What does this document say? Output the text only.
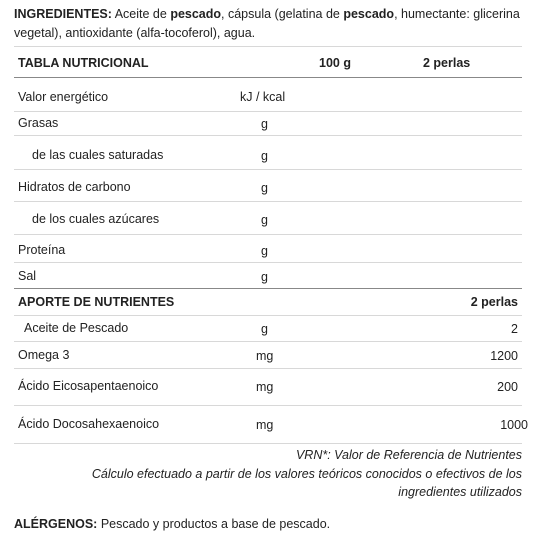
INGREDIENTES: Aceite de pescado, cápsula (gelatina de pescado, humectante: glicerina vegetal), antioxidante (alfa-tocoferol), agua.
TABLA NUTRICIONAL	100 g	2 perlas
Valor energético	kJ / kcal
Grasas	g
de las cuales saturadas	g
Hidratos de carbono	g
de los cuales azúcares	g
Proteína	g
Sal	g
APORTE DE NUTRIENTES	2 perlas
Aceite de Pescado	g	2
Omega 3	mg	1200
Ácido Eicosapentaenoico	mg	200
Ácido Docosahexaenoico	mg	1000
VRN*: Valor de Referencia de Nutrientes
Cálculo efectuado a partir de los valores teóricos conocidos o efectivos de los
ingredientes utilizados
ALÉRGENOS: Pescado y productos a base de pescado.
